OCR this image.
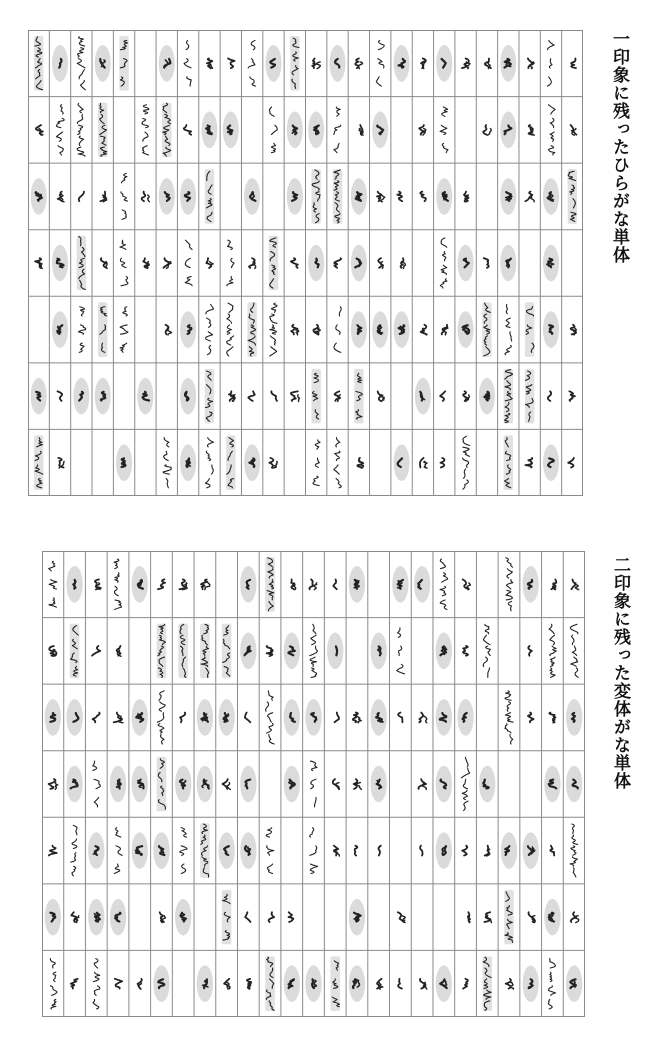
一印象に残ったひらがな単体
二印象に残った変体がな単体
